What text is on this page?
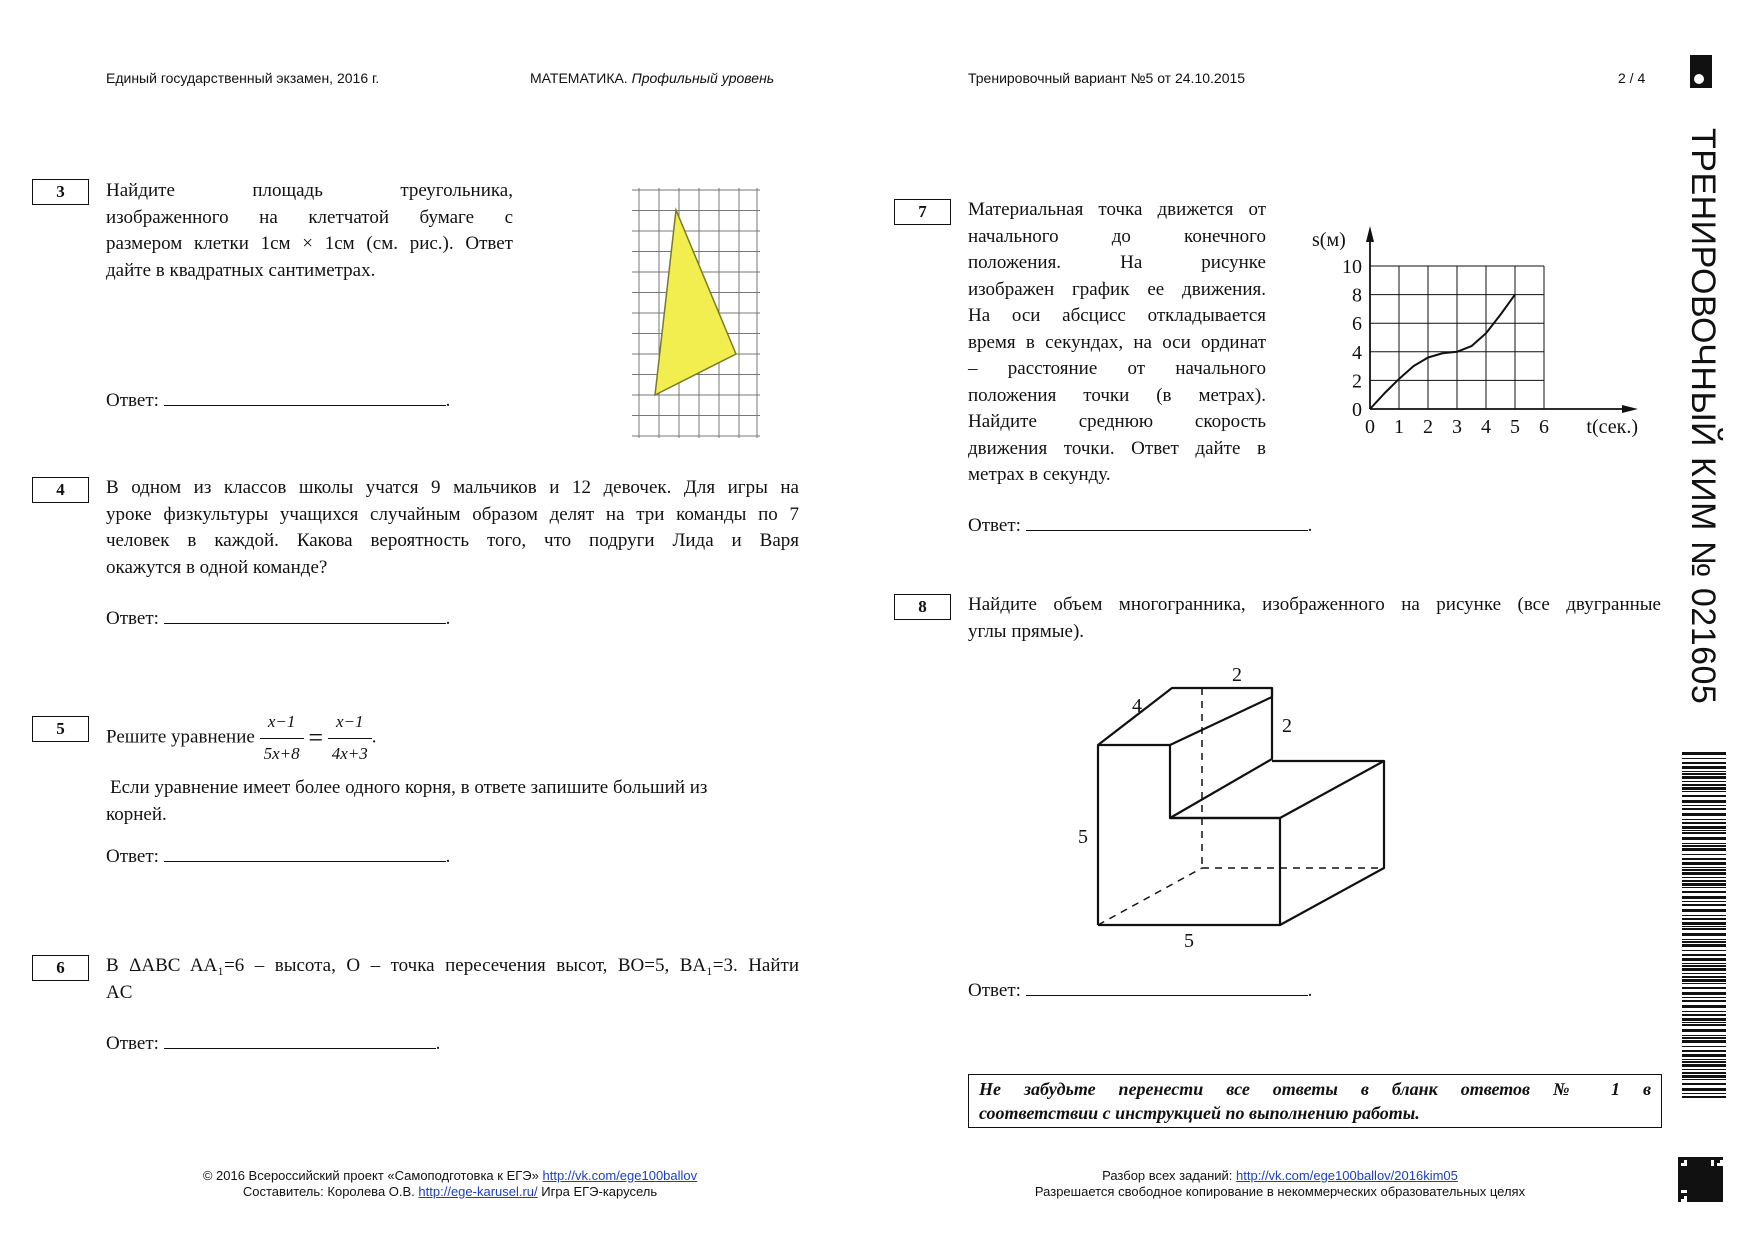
Единый государственный экзамен, 2016 г.	МАТЕМАТИКА. Профильный уровень	Тренировочный вариант №5 от 24.10.2015	2 / 4
ТРЕНИРОВОЧНЫЙ КИМ № 021605
3	Найдите площадь треугольника,
изображенного на клетчатой бумаге с
размером клетки 1см × 1см (см. рис.). Ответ
дайте в квадратных сантиметрах.
Ответ:	.
4	В одном из классов школы учатся 9 мальчиков и 12 девочек. Для игры на
уроке физкультуры учащихся случайным образом делят на три команды по 7
человек в каждой. Какова вероятность того, что подруги Лида и Варя
окажутся в одной команде?
Ответ:	.
5	Решите уравнение $\frac{x-1}{5x+8} = \frac{x-1}{4x+3}$ .
Если уравнение имеет более одного корня, в ответе запишите больший из
корней.
Ответ:	.
6	В ΔABC AA₁=6 – высота, O – точка пересечения высот, BO=5, BA₁=3. Найти
AC
Ответ:	.
7	Материальная точка движется от
начального до конечного
положения. На рисунке
изображен график ее движения.
На оси абсцисс откладывается
время в секундах, на оси ординат
– расстояние от начального
положения точки (в метрах).
Найдите среднюю скорость
движения точки. Ответ дайте в
метрах в секунду.
Ответ:	.
0 1 2 3 4 5 6
0
2
4
6
8
10
s(м)
t(сек.)
8	Найдите объем многогранника, изображенного на рисунке (все двугранные
углы прямые).
2
4
2
5
5
Ответ:	.
Не забудьте перенести все ответы в бланк ответов № 1 в
соответствии с инструкцией по выполнению работы.
© 2016 Всероссийский проект «Самоподготовка к ЕГЭ» http://vk.com/ege100ballov
Составитель: Королева О.В. http://ege-karusel.ru/ Игра ЕГЭ-карусель
Разбор всех заданий: http://vk.com/ege100ballov/2016kim05
Разрешается свободное копирование в некоммерческих образовательных целях
